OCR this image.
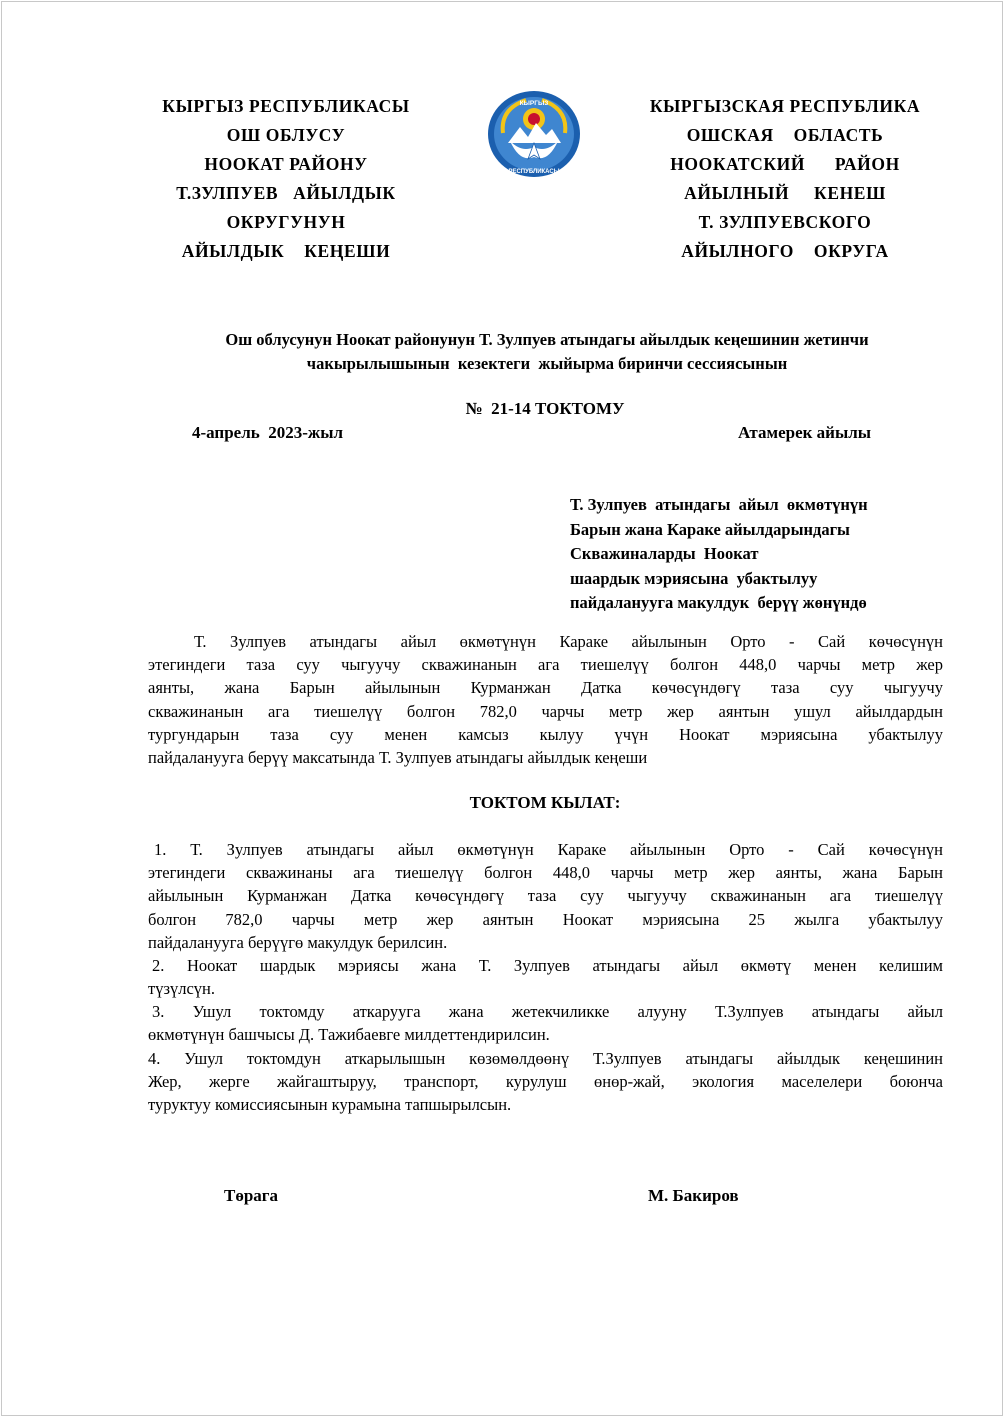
КЫРГЫЗ РЕСПУБЛИКАСЫ
ОШ ОБЛУСУ
НООКАТ РАЙОНУ
Т.ЗУЛПУЕВ   АЙЫЛДЫК
ОКРУГУНУН
АЙЫЛДЫК    КЕҢЕШИ
КЫРГЫЗ
РЕСПУБЛИКАСЫ
КЫРГЫЗСКАЯ РЕСПУБЛИКА
ОШСКАЯ    ОБЛАСТЬ
НООКАТСКИЙ      РАЙОН
АЙЫЛНЫЙ     КЕНЕШ
Т. ЗУЛПУЕВСКОГО
АЙЫЛНОГО    ОКРУГА
Ош облусунун Ноокат районунун Т. Зулпуев атындагы айылдык кеңешинин жетинчи
чакырылышынын  кезектеги  жыйырма биринчи сессиясынын
№  21-14 ТОКТОМУ
4-апрель  2023-жыл	Атамерек айылы
Т. Зулпуев  атындагы  айыл  өкмөтүнүн
Барын жана Караке айылдарындагы
Скважиналарды  Ноокат
шаардык мэриясына  убактылуу
пайдаланууга макулдук  берүү жөнүндө
Т. Зулпуев атындагы айыл өкмөтүнүн Караке айылынын Орто - Сай көчөсүнүн
этегиндеги таза суу чыгуучу скважинанын ага тиешелүү болгон 448,0 чарчы метр жер
аянты, жана Барын айылынын Курманжан Датка көчөсүндөгү таза суу чыгуучу
скважинанын ага тиешелүү болгон 782,0 чарчы метр жер аянтын ушул айылдардын
тургундарын таза суу менен камсыз кылуу үчүн Ноокат мэриясына убактылуу
пайдаланууга берүү максатында Т. Зулпуев атындагы айылдык кеңеши
ТОКТОМ КЫЛАТ:
1. Т. Зулпуев атындагы айыл өкмөтүнүн Караке айылынын Орто - Сай көчөсүнүн
этегиндеги скважинаны ага тиешелүү болгон 448,0 чарчы метр жер аянты, жана Барын
айылынын Курманжан Датка көчөсүндөгү таза суу чыгуучу скважинанын ага тиешелүү
болгон 782,0 чарчы метр жер аянтын Ноокат мэриясына 25 жылга убактылуу
пайдаланууга берүүгө макулдук берилсин.
2. Ноокат шардык мэриясы жана Т. Зулпуев атындагы айыл өкмөтү менен келишим
түзүлсүн.
3. Ушул токтомду аткарууга жана жетекчиликке алууну Т.Зулпуев атындагы айыл
өкмөтүнүн башчысы Д. Тажибаевге милдеттендирилсин.
4. Ушул токтомдун аткарылышын көзөмөлдөөнү Т.Зулпуев атындагы айылдык кеңешинин
Жер, жерге жайгаштыруу, транспорт, курулуш өнөр-жай, экология маселелери боюнча
туруктуу комиссиясынын курамына тапшырылсын.
Төрага	М. Бакиров
